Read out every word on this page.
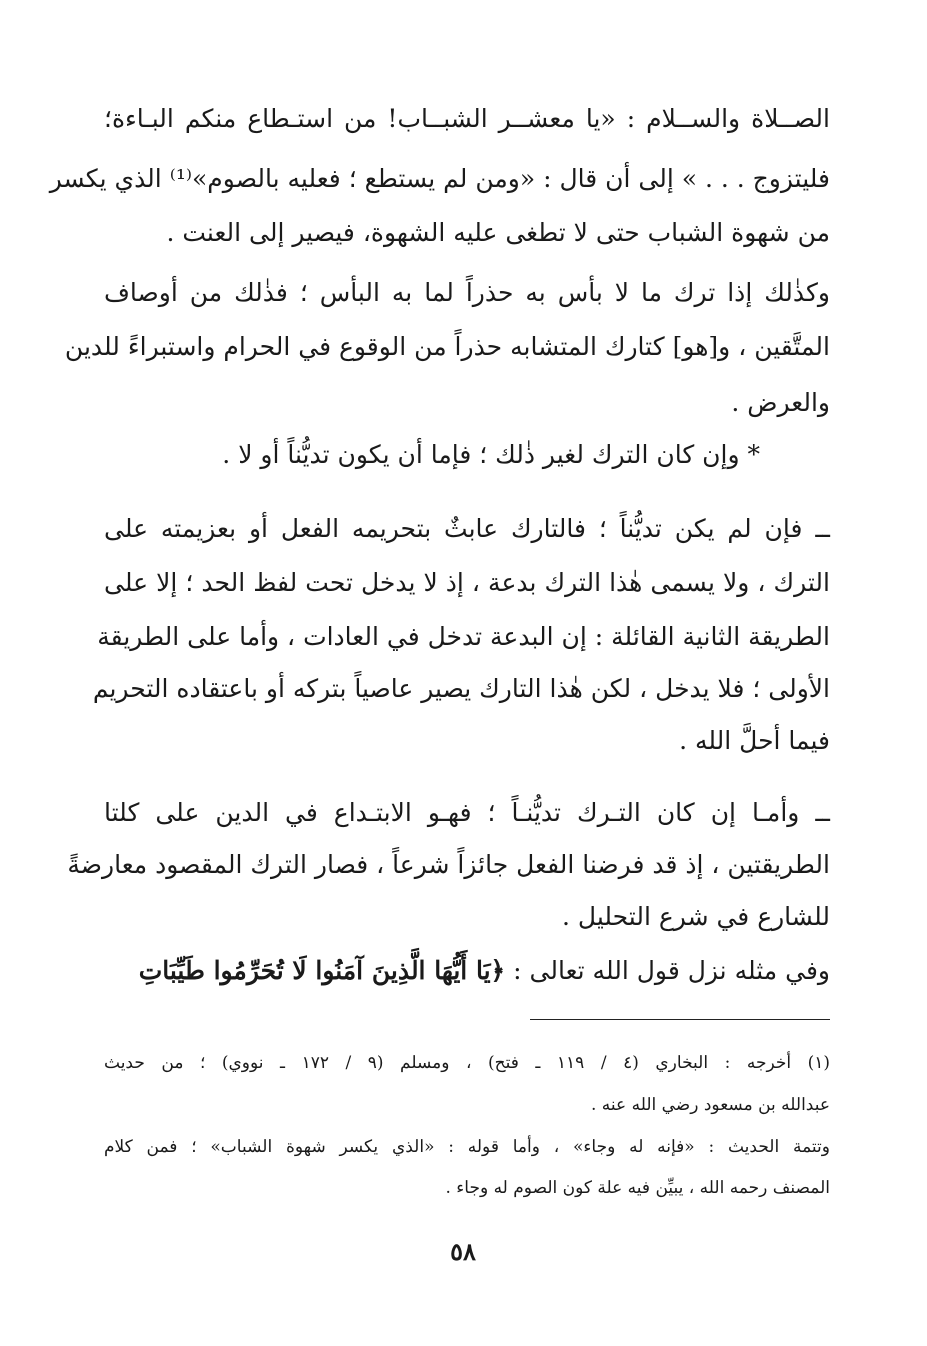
الصــلاة والســلام : «يا معشــر الشبــاب! من استـطاع منكم البـاءة؛
فليتزوج . . . » إلى أن قال : «ومن لم يستطع ؛ فعليه بالصوم»⁽¹⁾ الذي يكسر
من شهوة الشباب حتى لا تطغى عليه الشهوة، فيصير إلى العنت .
وكذٰلك إذا ترك ما لا بأس به حذراً لما به البأس ؛ فذٰلك من أوصاف
المتَّقين ، و[هو] كتارك المتشابه حذراً من الوقوع في الحرام واستبراءً للدين
والعرض .
* وإن كان الترك لغير ذٰلك ؛ فإما أن يكون تديُّناً أو لا .
ــ فإن لم يكن تديُّناً ؛ فالتارك عابثٌ بتحريمه الفعل أو بعزيمته على
الترك ، ولا يسمى هٰذا الترك بدعة ، إذ لا يدخل تحت لفظ الحد ؛ إلا على
الطريقة الثانية القائلة : إن البدعة تدخل في العادات ، وأما على الطريقة
الأولى ؛ فلا يدخل ، لكن هٰذا التارك يصير عاصياً بتركه أو باعتقاده التحريم
فيما أحلَّ الله .
ــ وأمـا إن كان التـرك تديُّنـاً ؛ فهـو الابتـداع في الدين على كلتا
الطريقتين ، إذ قد فرضنا الفعل جائزاً شرعاً ، فصار الترك المقصود معارضةً
للشارع في شرع التحليل .
وفي مثله نزل قول الله تعالى : ﴿يَا أَيُّهَا الَّذِينَ آمَنُوا لَا تُحَرِّمُوا طَيِّبَاتِ
(١) أخرجه : البخاري (٤ / ١١٩ ـ فتح) ، ومسلم (٩ / ١٧٢ ـ نووي) ؛ من حديث
عبدالله بن مسعود رضي الله عنه .
وتتمة الحديث : «فإنه له وجاء» ، وأما قوله : «الذي يكسر شهوة الشباب» ؛ فمن كلام
المصنف رحمه الله ، يبيِّن فيه علة كون الصوم له وجاء .
٥٨
